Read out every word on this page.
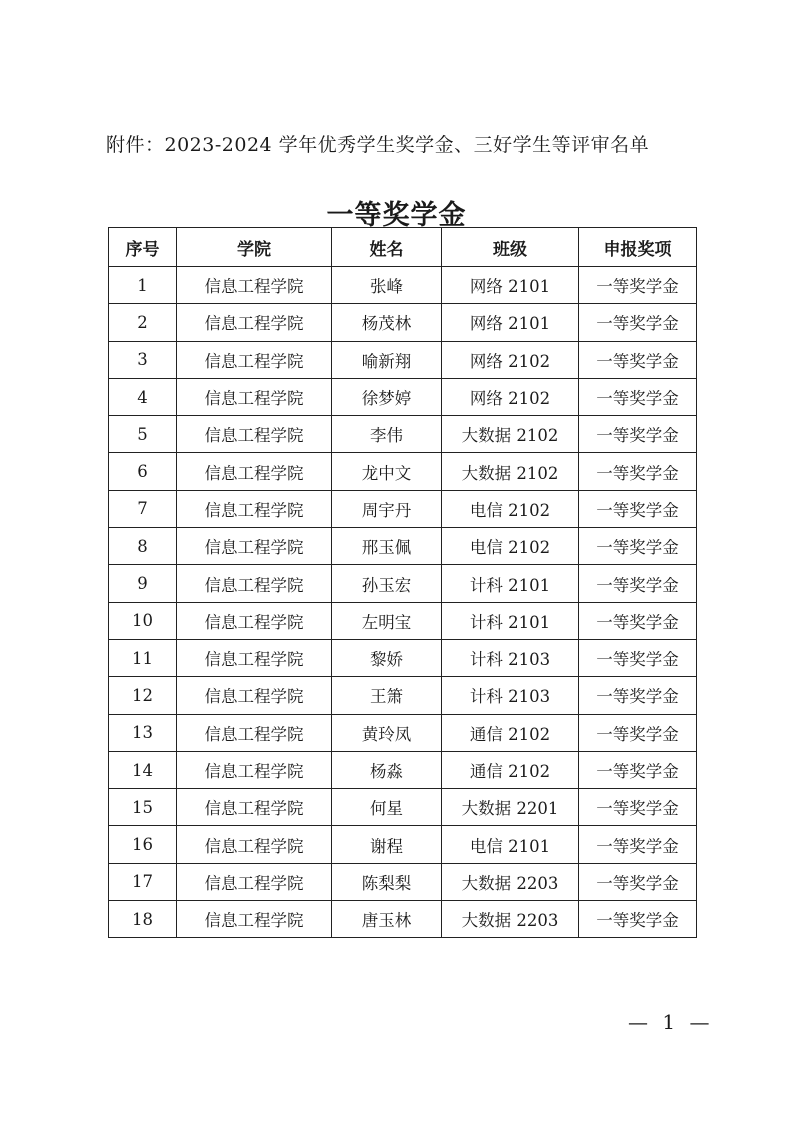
附件：2023-2024 学年优秀学生奖学金、三好学生等评审名单
一等奖学金
序号	学院	姓名	班级	申报奖项
1	信息工程学院	张峰	网络 2101	一等奖学金
2	信息工程学院	杨茂林	网络 2101	一等奖学金
3	信息工程学院	喻新翔	网络 2102	一等奖学金
4	信息工程学院	徐梦婷	网络 2102	一等奖学金
5	信息工程学院	李伟	大数据 2102	一等奖学金
6	信息工程学院	龙中文	大数据 2102	一等奖学金
7	信息工程学院	周宇丹	电信 2102	一等奖学金
8	信息工程学院	邢玉佩	电信 2102	一等奖学金
9	信息工程学院	孙玉宏	计科 2101	一等奖学金
10	信息工程学院	左明宝	计科 2101	一等奖学金
11	信息工程学院	黎娇	计科 2103	一等奖学金
12	信息工程学院	王箫	计科 2103	一等奖学金
13	信息工程学院	黄玲凤	通信 2102	一等奖学金
14	信息工程学院	杨淼	通信 2102	一等奖学金
15	信息工程学院	何星	大数据 2201	一等奖学金
16	信息工程学院	谢程	电信 2101	一等奖学金
17	信息工程学院	陈梨梨	大数据 2203	一等奖学金
18	信息工程学院	唐玉林	大数据 2203	一等奖学金
— 1 —
